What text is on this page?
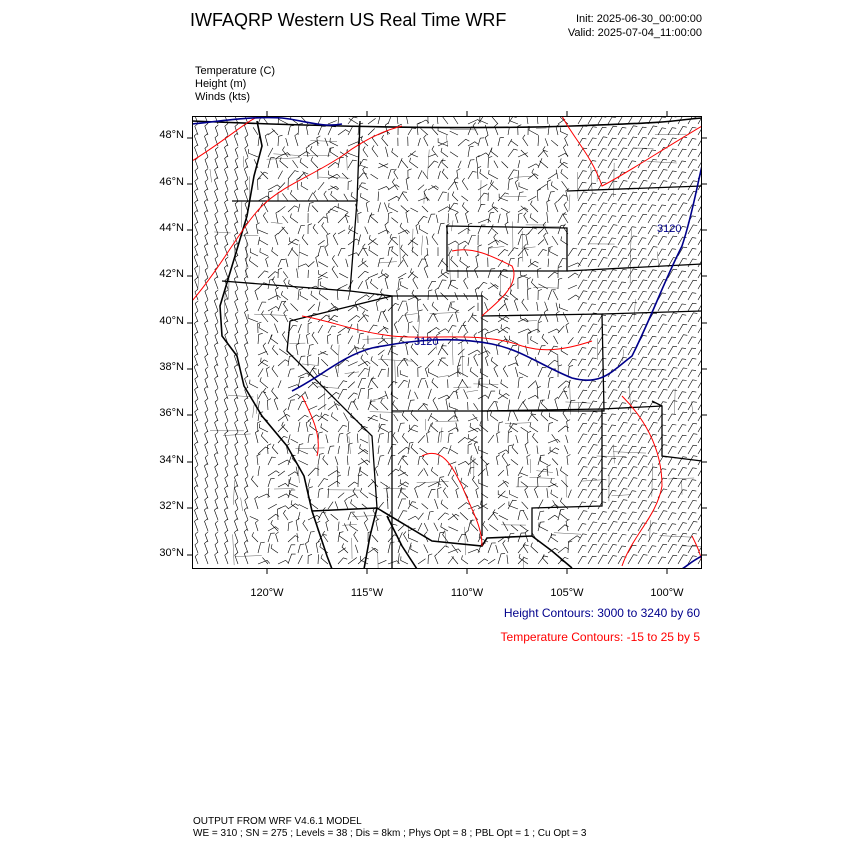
IWFAQRP Western US Real Time WRF	Init: 2025-06-30_00:00:00
Valid: 2025-07-04_11:00:00
Temperature (C)
Height (m)
Winds (kts)
3120
3120
48°N
46°N
44°N
42°N
40°N
38°N
36°N
34°N
32°N
30°N
120°W	115°W	110°W	105°W	100°W
Height Contours: 3000 to 3240 by 60
Temperature Contours: -15 to 25 by 5
OUTPUT FROM WRF V4.6.1 MODEL
WE = 310 ; SN = 275 ; Levels = 38 ; Dis = 8km ; Phys Opt = 8 ; PBL Opt = 1 ; Cu Opt = 3
